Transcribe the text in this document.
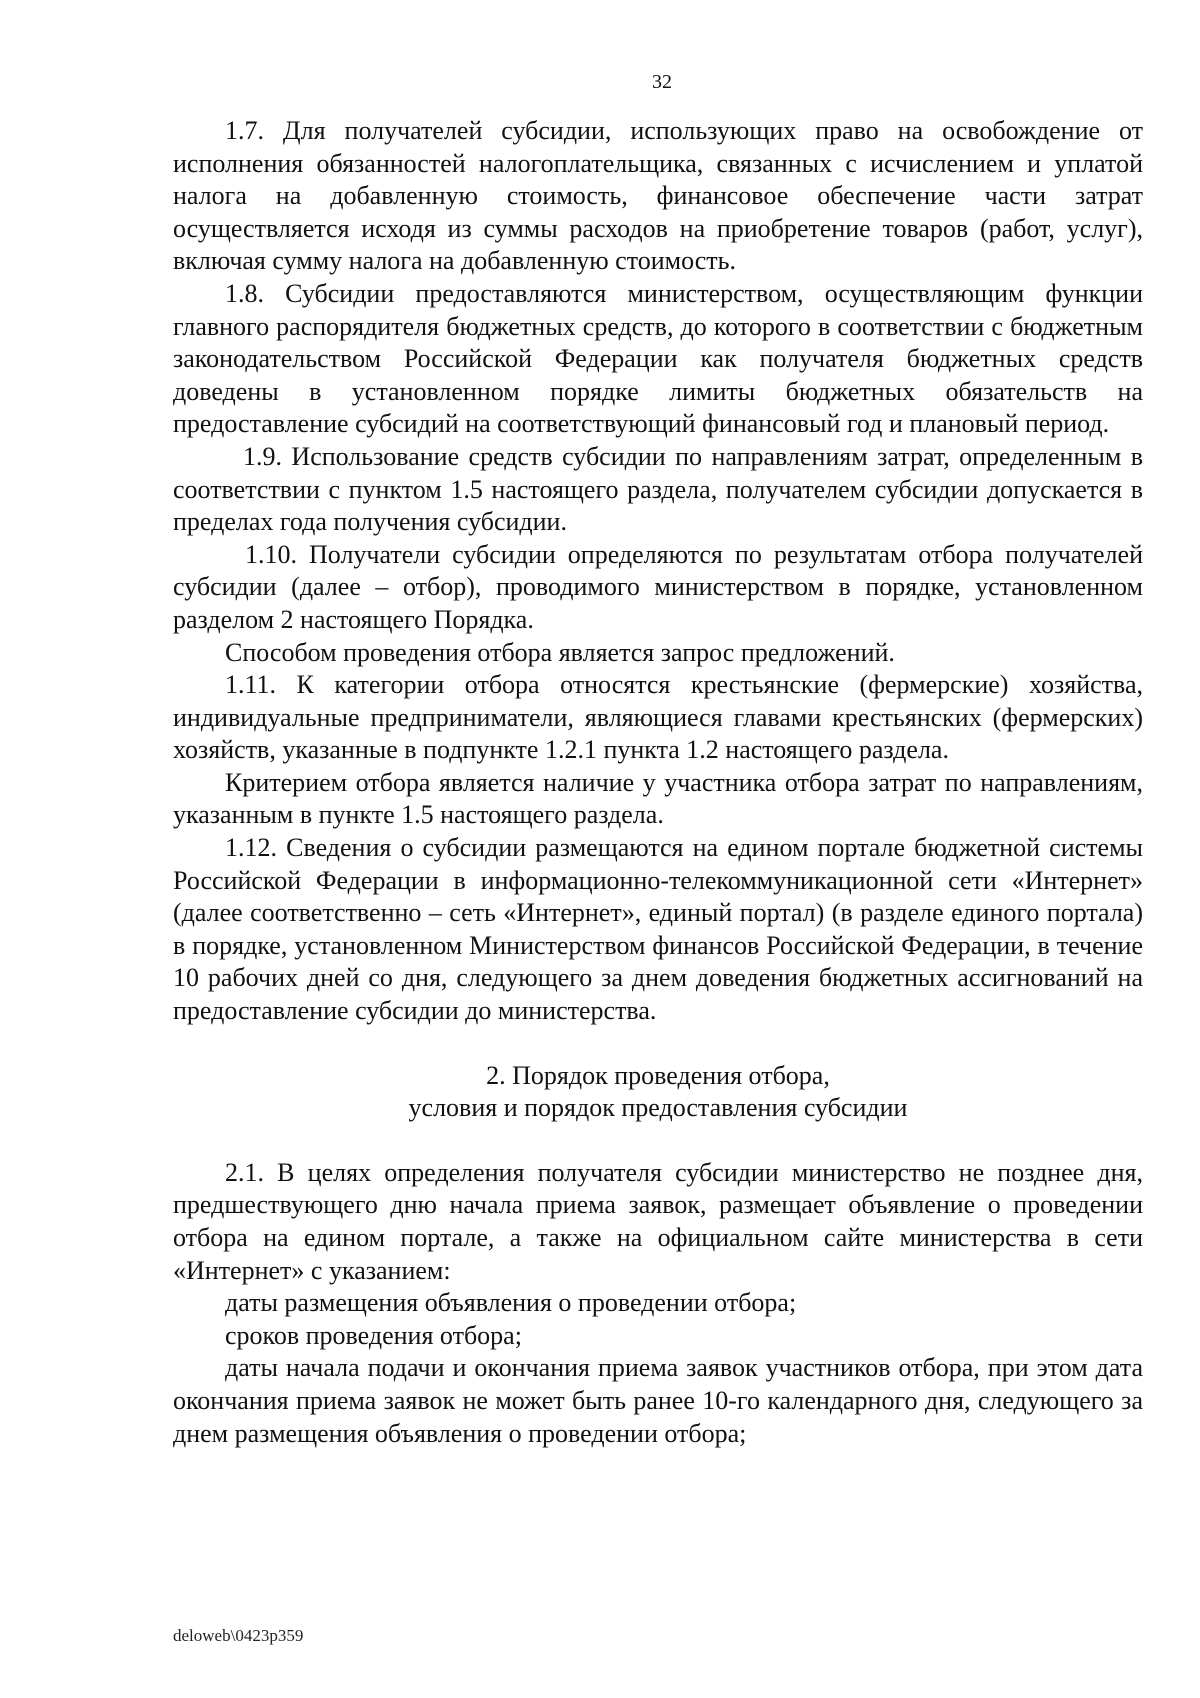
32

1.7. Для получателей субсидии, использующих право на освобождение от исполнения обязанностей налогоплательщика, связанных с исчислением и уплатой налога на добавленную стоимость, финансовое обеспечение части затрат осуществляется исходя из суммы расходов на приобретение товаров (работ, услуг), включая сумму налога на добавленную стоимость.

1.8. Субсидии предоставляются министерством, осуществляющим функции главного распорядителя бюджетных средств, до которого в соответствии с бюджетным законодательством Российской Федерации как получателя бюджетных средств доведены в установленном порядке лимиты бюджетных обязательств на предоставление субсидий на соответствующий финансовый год и плановый период.

1.9. Использование средств субсидии по направлениям затрат, определенным в соответствии с пунктом 1.5 настоящего раздела, получателем субсидии допускается в пределах года получения субсидии.

1.10. Получатели субсидии определяются по результатам отбора получателей субсидии (далее – отбор), проводимого министерством в порядке, установленном разделом 2 настоящего Порядка.

Способом проведения отбора является запрос предложений.

1.11. К категории отбора относятся крестьянские (фермерские) хозяйства, индивидуальные предприниматели, являющиеся главами крестьянских (фермерских) хозяйств, указанные в подпункте 1.2.1 пункта 1.2 настоящего раздела.

Критерием отбора является наличие у участника отбора затрат по направлениям, указанным в пункте 1.5 настоящего раздела.

1.12. Сведения о субсидии размещаются на едином портале бюджетной системы Российской Федерации в информационно-телекоммуникационной сети «Интернет» (далее соответственно – сеть «Интернет», единый портал) (в разделе единого портала) в порядке, установленном Министерством финансов Российской Федерации, в течение 10 рабочих дней со дня, следующего за днем доведения бюджетных ассигнований на предоставление субсидии до министерства.

2. Порядок проведения отбора,
условия и порядок предоставления субсидии

2.1. В целях определения получателя субсидии министерство не позднее дня, предшествующего дню начала приема заявок, размещает объявление о проведении отбора на едином портале, а также на официальном сайте министерства в сети «Интернет» с указанием:

даты размещения объявления о проведении отбора;

сроков проведения отбора;

даты начала подачи и окончания приема заявок участников отбора, при этом дата окончания приема заявок не может быть ранее 10-го календарного дня, следующего за днем размещения объявления о проведении отбора;

deloweb\0423p359
